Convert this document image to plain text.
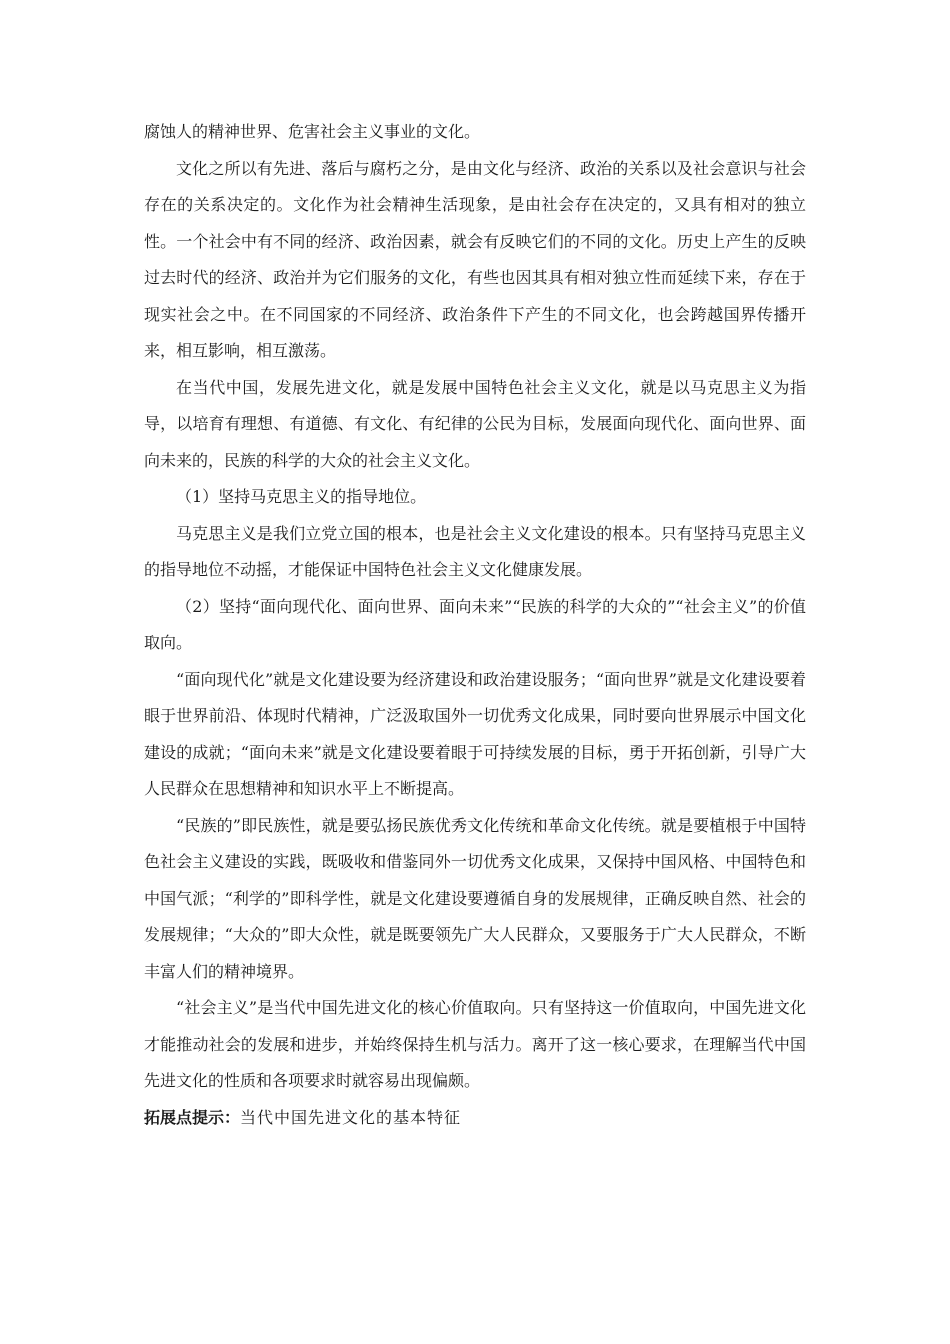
腐蚀人的精神世界、危害社会主义事业的文化。

文化之所以有先进、落后与腐朽之分，是由文化与经济、政治的关系以及社会意识与社会存在的关系决定的。文化作为社会精神生活现象，是由社会存在决定的，又具有相对的独立性。一个社会中有不同的经济、政治因素，就会有反映它们的不同的文化。历史上产生的反映过去时代的经济、政治并为它们服务的文化，有些也因其具有相对独立性而延续下来，存在于现实社会之中。在不同国家的不同经济、政治条件下产生的不同文化，也会跨越国界传播开来，相互影响，相互激荡。

在当代中国，发展先进文化，就是发展中国特色社会主义文化，就是以马克思主义为指导，以培育有理想、有道德、有文化、有纪律的公民为目标，发展面向现代化、面向世界、面向未来的，民族的科学的大众的社会主义文化。

（1）坚持马克思主义的指导地位。

马克思主义是我们立党立国的根本，也是社会主义文化建设的根本。只有坚持马克思主义的指导地位不动摇，才能保证中国特色社会主义文化健康发展。

（2）坚持“面向现代化、面向世界、面向未来”“民族的科学的大众的”“社会主义”的价值取向。

“面向现代化”就是文化建设要为经济建设和政治建设服务；“面向世界”就是文化建设要着眼于世界前沿、体现时代精神，广泛汲取国外一切优秀文化成果，同时要向世界展示中国文化建设的成就；“面向未来”就是文化建设要着眼于可持续发展的目标，勇于开拓创新，引导广大人民群众在思想精神和知识水平上不断提高。

“民族的”即民族性，就是要弘扬民族优秀文化传统和革命文化传统。就是要植根于中国特色社会主义建设的实践，既吸收和借鉴同外一切优秀文化成果，又保持中国风格、中国特色和中国气派；“利学的”即科学性，就是文化建设要遵循自身的发展规律，正确反映自然、社会的发展规律；“大众的”即大众性，就是既要领先广大人民群众，又要服务于广大人民群众，不断丰富人们的精神境界。

“社会主义”是当代中国先进文化的核心价值取向。只有坚持这一价值取向，中国先进文化才能推动社会的发展和进步，并始终保持生机与活力。离开了这一核心要求，在理解当代中国先进文化的性质和各项要求时就容易出现偏颇。

拓展点提示：当代中国先进文化的基本特征
